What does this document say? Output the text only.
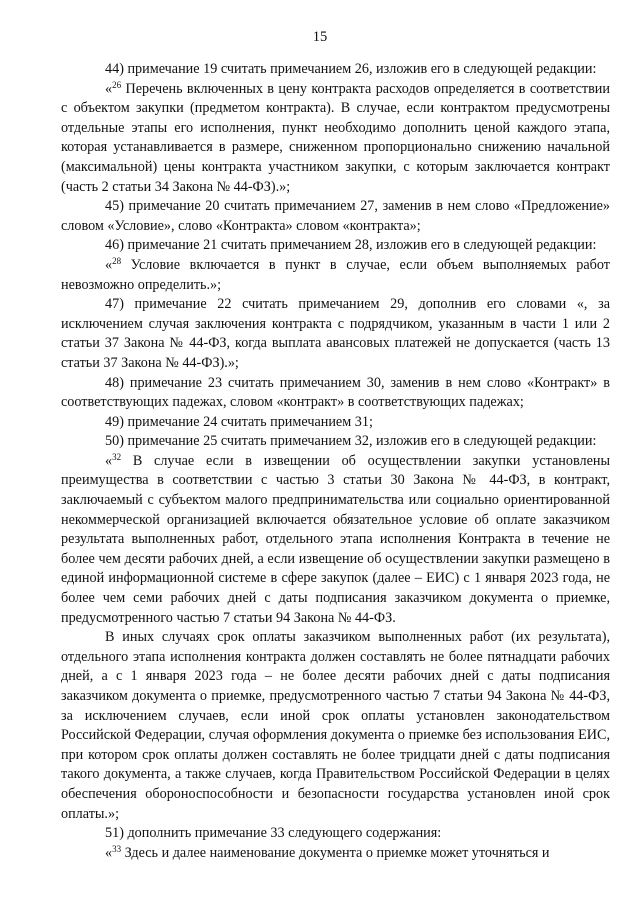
15

44) примечание 19 считать примечанием 26, изложив его в следующей редакции:

«$^{26}$ Перечень включенных в цену контракта расходов определяется в соответствии с объектом закупки (предметом контракта). В случае, если контрактом предусмотрены отдельные этапы его исполнения, пункт необходимо дополнить ценой каждого этапа, которая устанавливается в размере, сниженном пропорционально снижению начальной (максимальной) цены контракта участником закупки, с которым заключается контракт (часть 2 статьи 34 Закона № 44-ФЗ).»;

45) примечание 20 считать примечанием 27, заменив в нем слово «Предложение» словом «Условие», слово «Контракта» словом «контракта»;

46) примечание 21 считать примечанием 28, изложив его в следующей редакции:

«$^{28}$ Условие включается в пункт в случае, если объем выполняемых работ невозможно определить.»;

47) примечание 22 считать примечанием 29, дополнив его словами «, за исключением случая заключения контракта с подрядчиком, указанным в части 1 или 2 статьи 37 Закона № 44-ФЗ, когда выплата авансовых платежей не допускается (часть 13 статьи 37 Закона № 44-ФЗ).»;

48) примечание 23 считать примечанием 30, заменив в нем слово «Контракт» в соответствующих падежах, словом «контракт» в соответствующих падежах;

49) примечание 24 считать примечанием 31;

50) примечание 25 считать примечанием 32, изложив его в следующей редакции:

«$^{32}$ В случае если в извещении об осуществлении закупки установлены преимущества в соответствии с частью 3 статьи 30 Закона № 44-ФЗ, в контракт, заключаемый с субъектом малого предпринимательства или социально ориентированной некоммерческой организацией включается обязательное условие об оплате заказчиком результата выполненных работ, отдельного этапа исполнения Контракта в течение не более чем десяти рабочих дней, а если извещение об осуществлении закупки размещено в единой информационной системе в сфере закупок (далее – ЕИС) с 1 января 2023 года, не более чем семи рабочих дней с даты подписания заказчиком документа о приемке, предусмотренного частью 7 статьи 94 Закона № 44-ФЗ.

В иных случаях срок оплаты заказчиком выполненных работ (их результата), отдельного этапа исполнения контракта должен составлять не более пятнадцати рабочих дней, а с 1 января 2023 года – не более десяти рабочих дней с даты подписания заказчиком документа о приемке, предусмотренного частью 7 статьи 94 Закона № 44-ФЗ, за исключением случаев, если иной срок оплаты установлен законодательством Российской Федерации, случая оформления документа о приемке без использования ЕИС, при котором срок оплаты должен составлять не более тридцати дней с даты подписания такого документа, а также случаев, когда Правительством Российской Федерации в целях обеспечения обороноспособности и безопасности государства установлен иной срок оплаты.»;

51) дополнить примечание 33 следующего содержания:

«$^{33}$ Здесь и далее наименование документа о приемке может уточняться и
